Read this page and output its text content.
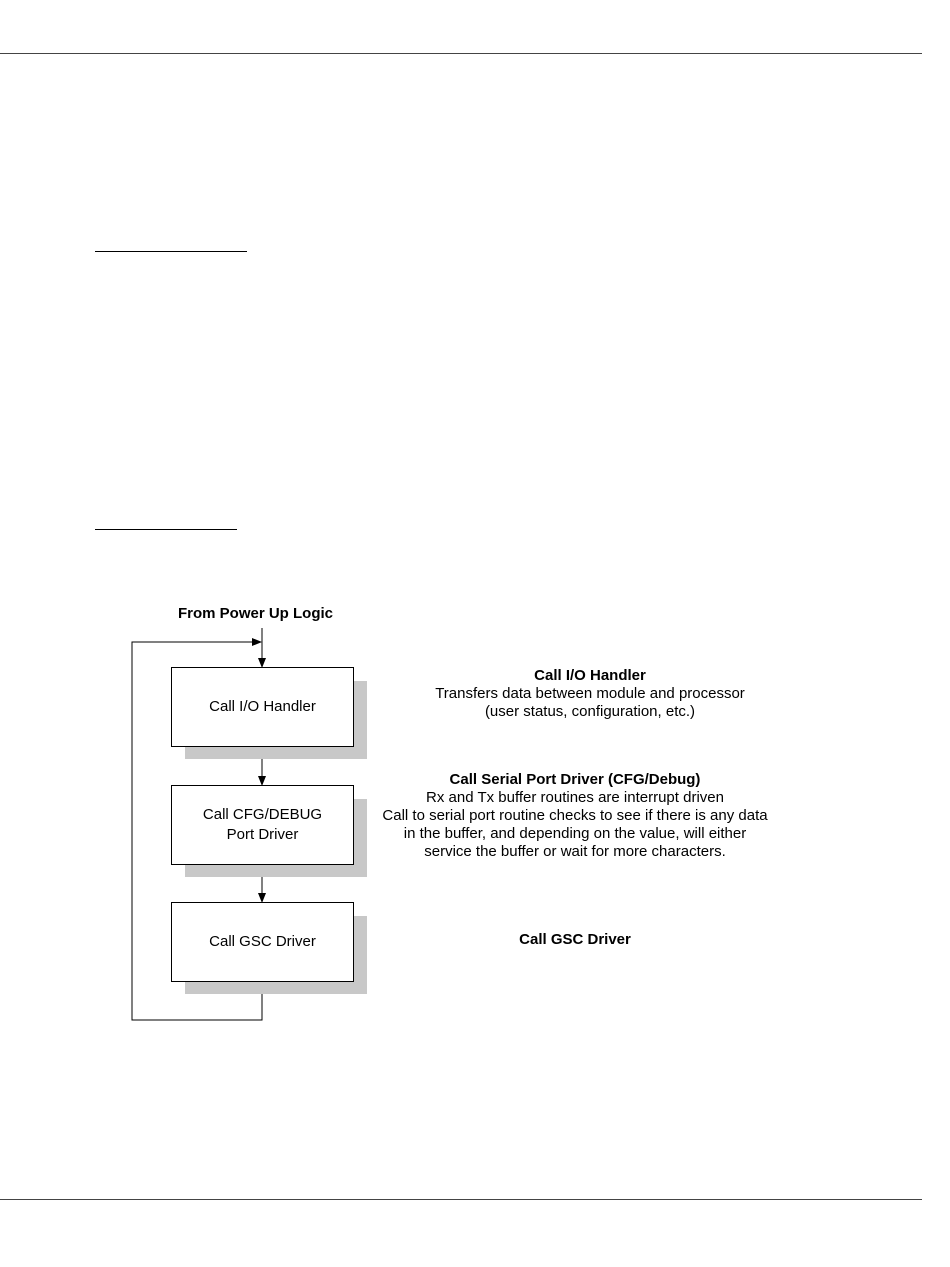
From Power Up Logic
Call I/O Handler
Call CFG/DEBUG
Port Driver
Call GSC Driver
Call I/O Handler
Transfers data between module and processor
(user status, configuration, etc.)
Call Serial Port Driver (CFG/Debug)
Rx and Tx buffer routines are interrupt driven
Call to serial port routine checks to see if there is any data
in the buffer, and depending on the value, will either
service the buffer or wait for more characters.
Call GSC Driver
